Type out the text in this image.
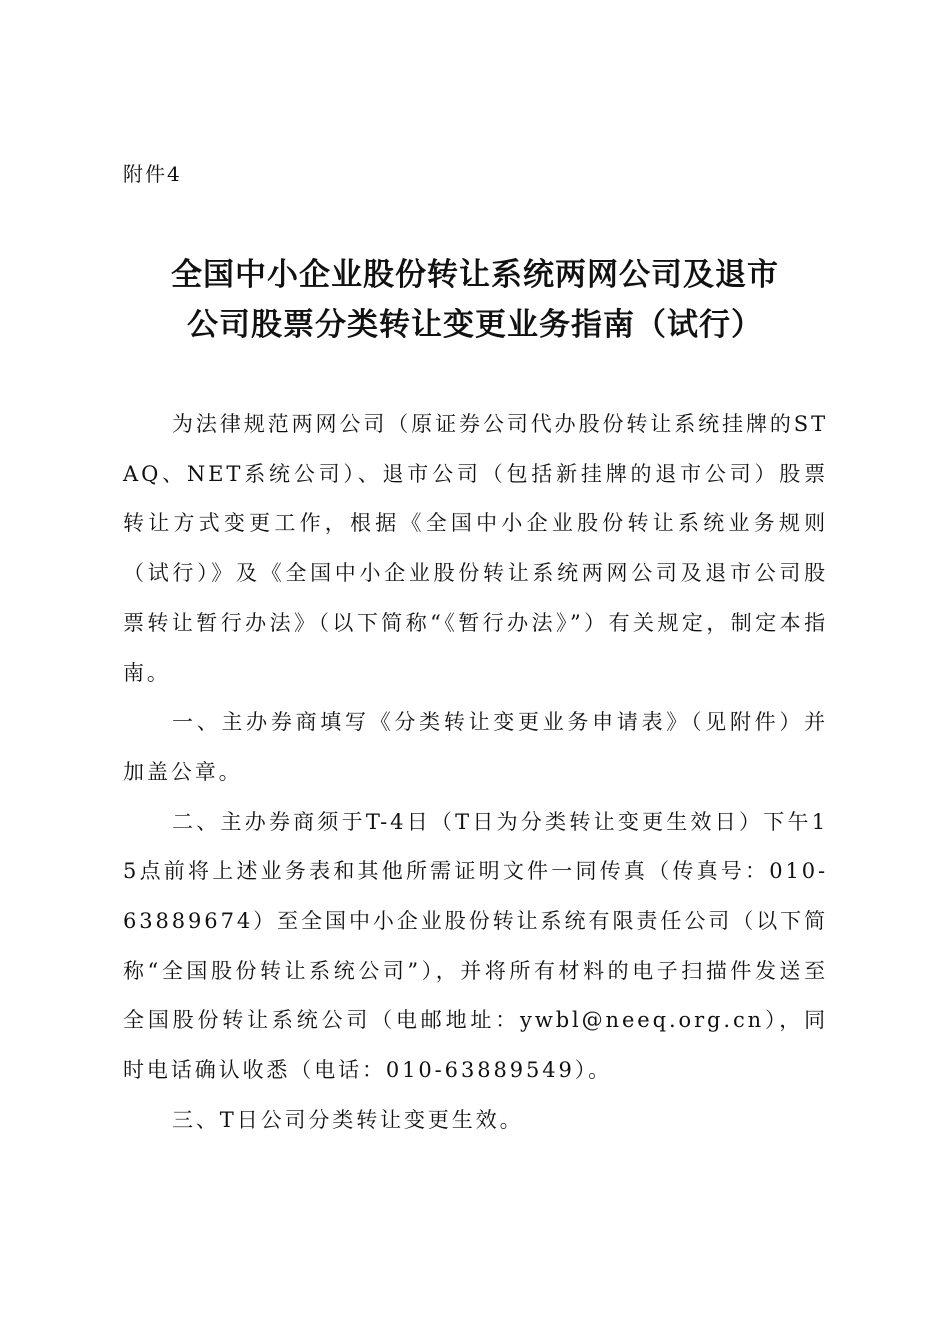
附件4
全国中小企业股份转让系统两网公司及退市
公司股票分类转让变更业务指南（试行）

为法律规范两网公司（原证券公司代办股份转让系统挂牌的STAQ、NET系统公司）、退市公司（包括新挂牌的退市公司）股票转让方式变更工作，根据《全国中小企业股份转让系统业务规则（试行）》及《全国中小企业股份转让系统两网公司及退市公司股票转让暂行办法》（以下简称“《暂行办法》”）有关规定，制定本指南。

一、主办券商填写《分类转让变更业务申请表》（见附件）并加盖公章。

二、主办券商须于T-4日（T日为分类转让变更生效日）下午15点前将上述业务表和其他所需证明文件一同传真（传真号：010-63889674）至全国中小企业股份转让系统有限责任公司（以下简称“全国股份转让系统公司”），并将所有材料的电子扫描件发送至全国股份转让系统公司（电邮地址：ywbl@neeq.org.cn），同时电话确认收悉（电话：010-63889549）。

三、T日公司分类转让变更生效。
